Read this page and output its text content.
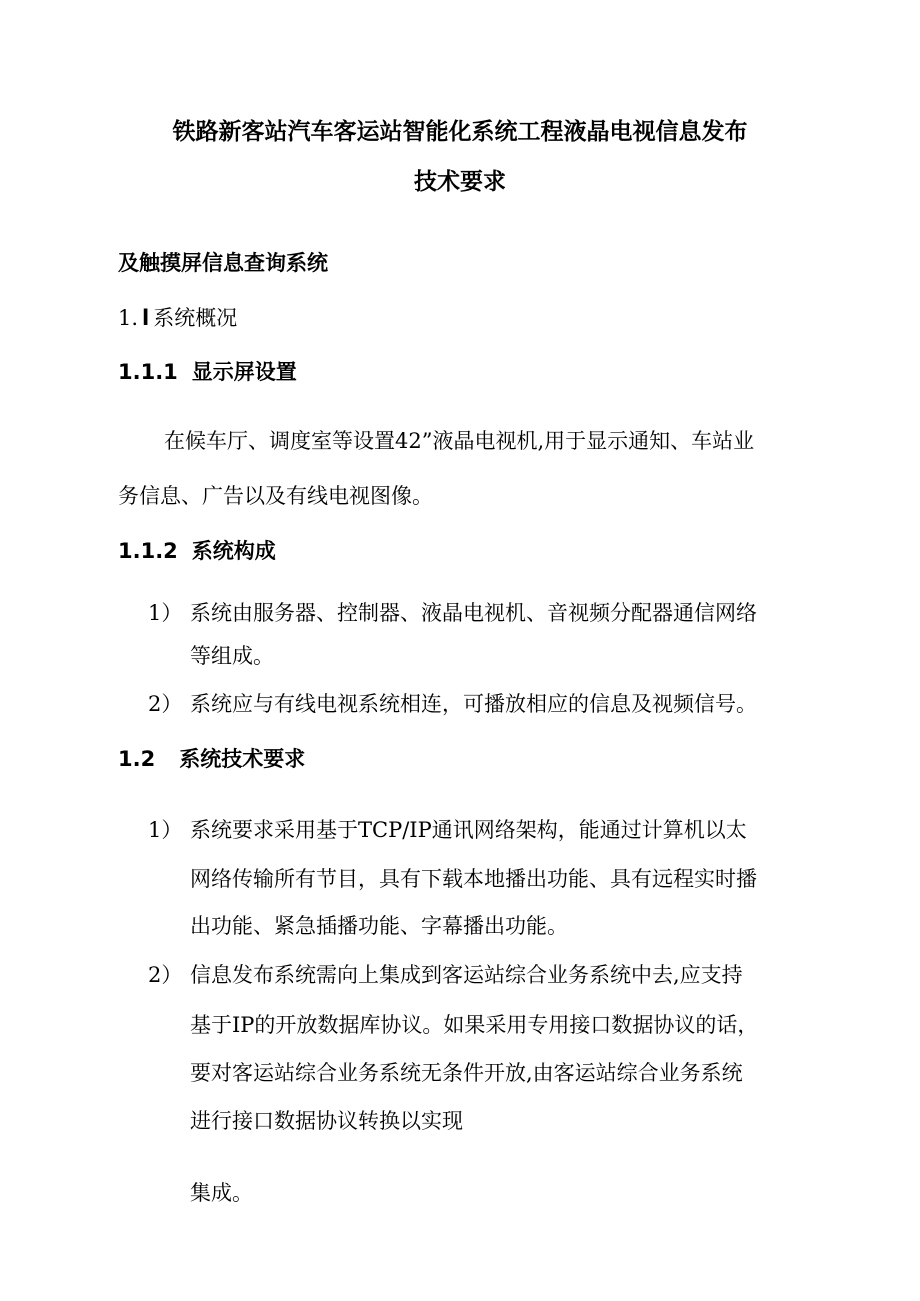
铁路新客站汽车客运站智能化系统工程液晶电视信息发布
技术要求
及触摸屏信息查询系统
1. l 系统概况
1.1.1 显示屏设置
在候车厅、调度室等设置42”液晶电视机,用于显示通知、车站业
务信息、广告以及有线电视图像。
1.1.2 系统构成
1） 系统由服务器、控制器、液晶电视机、音视频分配器通信网络
等组成。
2） 系统应与有线电视系统相连，可播放相应的信息及视频信号。
1.2 系统技术要求
1） 系统要求采用基于TCP/IP通讯网络架构，能通过计算机以太
网络传输所有节目，具有下载本地播出功能、具有远程实时播
出功能、紧急插播功能、字幕播出功能。
2） 信息发布系统需向上集成到客运站综合业务系统中去,应支持
基于IP的开放数据库协议。如果采用专用接口数据协议的话，
要对客运站综合业务系统无条件开放,由客运站综合业务系统
进行接口数据协议转换以实现
集成。
